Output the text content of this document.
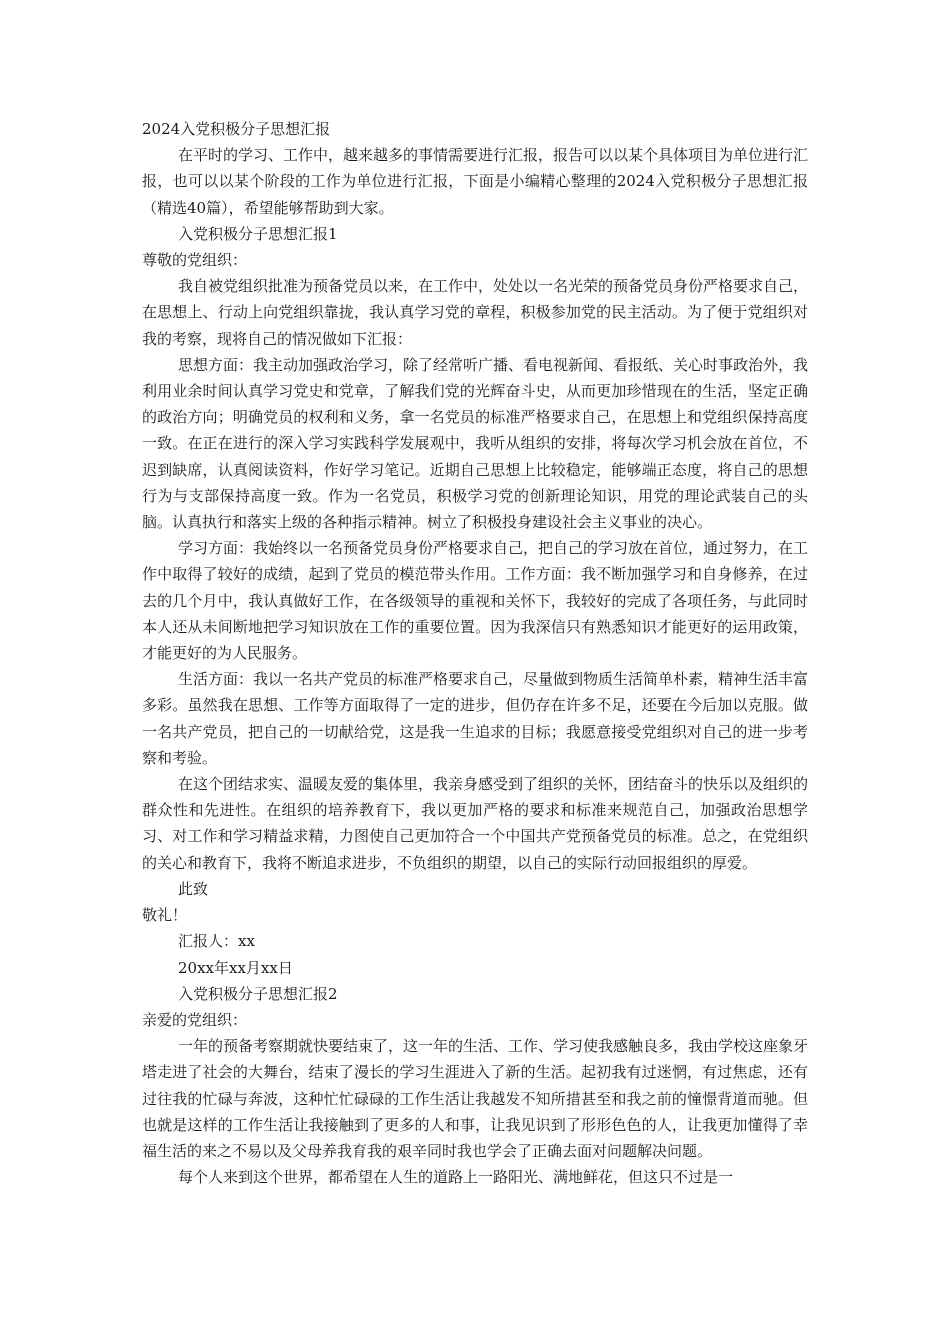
2024入党积极分子思想汇报

在平时的学习、工作中，越来越多的事情需要进行汇报，报告可以以某个具体项目为单位进行汇报，也可以以某个阶段的工作为单位进行汇报，下面是小编精心整理的2024入党积极分子思想汇报（精选40篇），希望能够帮助到大家。

入党积极分子思想汇报1

尊敬的党组织：

我自被党组织批准为预备党员以来，在工作中，处处以一名光荣的预备党员身份严格要求自己，在思想上、行动上向党组织靠拢，我认真学习党的章程，积极参加党的民主活动。为了便于党组织对我的考察，现将自己的情况做如下汇报：

思想方面：我主动加强政治学习，除了经常听广播、看电视新闻、看报纸、关心时事政治外，我利用业余时间认真学习党史和党章，了解我们党的光辉奋斗史，从而更加珍惜现在的生活，坚定正确的政治方向；明确党员的权利和义务，拿一名党员的标准严格要求自己，在思想上和党组织保持高度一致。在正在进行的深入学习实践科学发展观中，我听从组织的安排，将每次学习机会放在首位，不迟到缺席，认真阅读资料，作好学习笔记。近期自己思想上比较稳定，能够端正态度，将自己的思想行为与支部保持高度一致。作为一名党员，积极学习党的创新理论知识，用党的理论武装自己的头脑。认真执行和落实上级的各种指示精神。树立了积极投身建设社会主义事业的决心。

学习方面：我始终以一名预备党员身份严格要求自己，把自己的学习放在首位，通过努力，在工作中取得了较好的成绩，起到了党员的模范带头作用。工作方面：我不断加强学习和自身修养，在过去的几个月中，我认真做好工作，在各级领导的重视和关怀下，我较好的完成了各项任务，与此同时本人还从未间断地把学习知识放在工作的重要位置。因为我深信只有熟悉知识才能更好的运用政策，才能更好的为人民服务。

生活方面：我以一名共产党员的标准严格要求自己，尽量做到物质生活简单朴素，精神生活丰富多彩。虽然我在思想、工作等方面取得了一定的进步，但仍存在许多不足，还要在今后加以克服。做一名共产党员，把自己的一切献给党，这是我一生追求的目标；我愿意接受党组织对自己的进一步考察和考验。

在这个团结求实、温暖友爱的集体里，我亲身感受到了组织的关怀，团结奋斗的快乐以及组织的群众性和先进性。在组织的培养教育下，我以更加严格的要求和标准来规范自己，加强政治思想学习、对工作和学习精益求精，力图使自己更加符合一个中国共产党预备党员的标准。总之，在党组织的关心和教育下，我将不断追求进步，不负组织的期望，以自己的实际行动回报组织的厚爱。

此致

敬礼！

汇报人：xx

20xx年xx月xx日

入党积极分子思想汇报2

亲爱的党组织：

一年的预备考察期就快要结束了，这一年的生活、工作、学习使我感触良多，我由学校这座象牙塔走进了社会的大舞台，结束了漫长的学习生涯进入了新的生活。起初我有过迷惘，有过焦虑，还有过往我的忙碌与奔波，这种忙忙碌碌的工作生活让我越发不知所措甚至和我之前的憧憬背道而驰。但也就是这样的工作生活让我接触到了更多的人和事，让我见识到了形形色色的人，让我更加懂得了幸福生活的来之不易以及父母养我育我的艰辛同时我也学会了正确去面对问题解决问题。

每个人来到这个世界，都希望在人生的道路上一路阳光、满地鲜花，但这只不过是一
